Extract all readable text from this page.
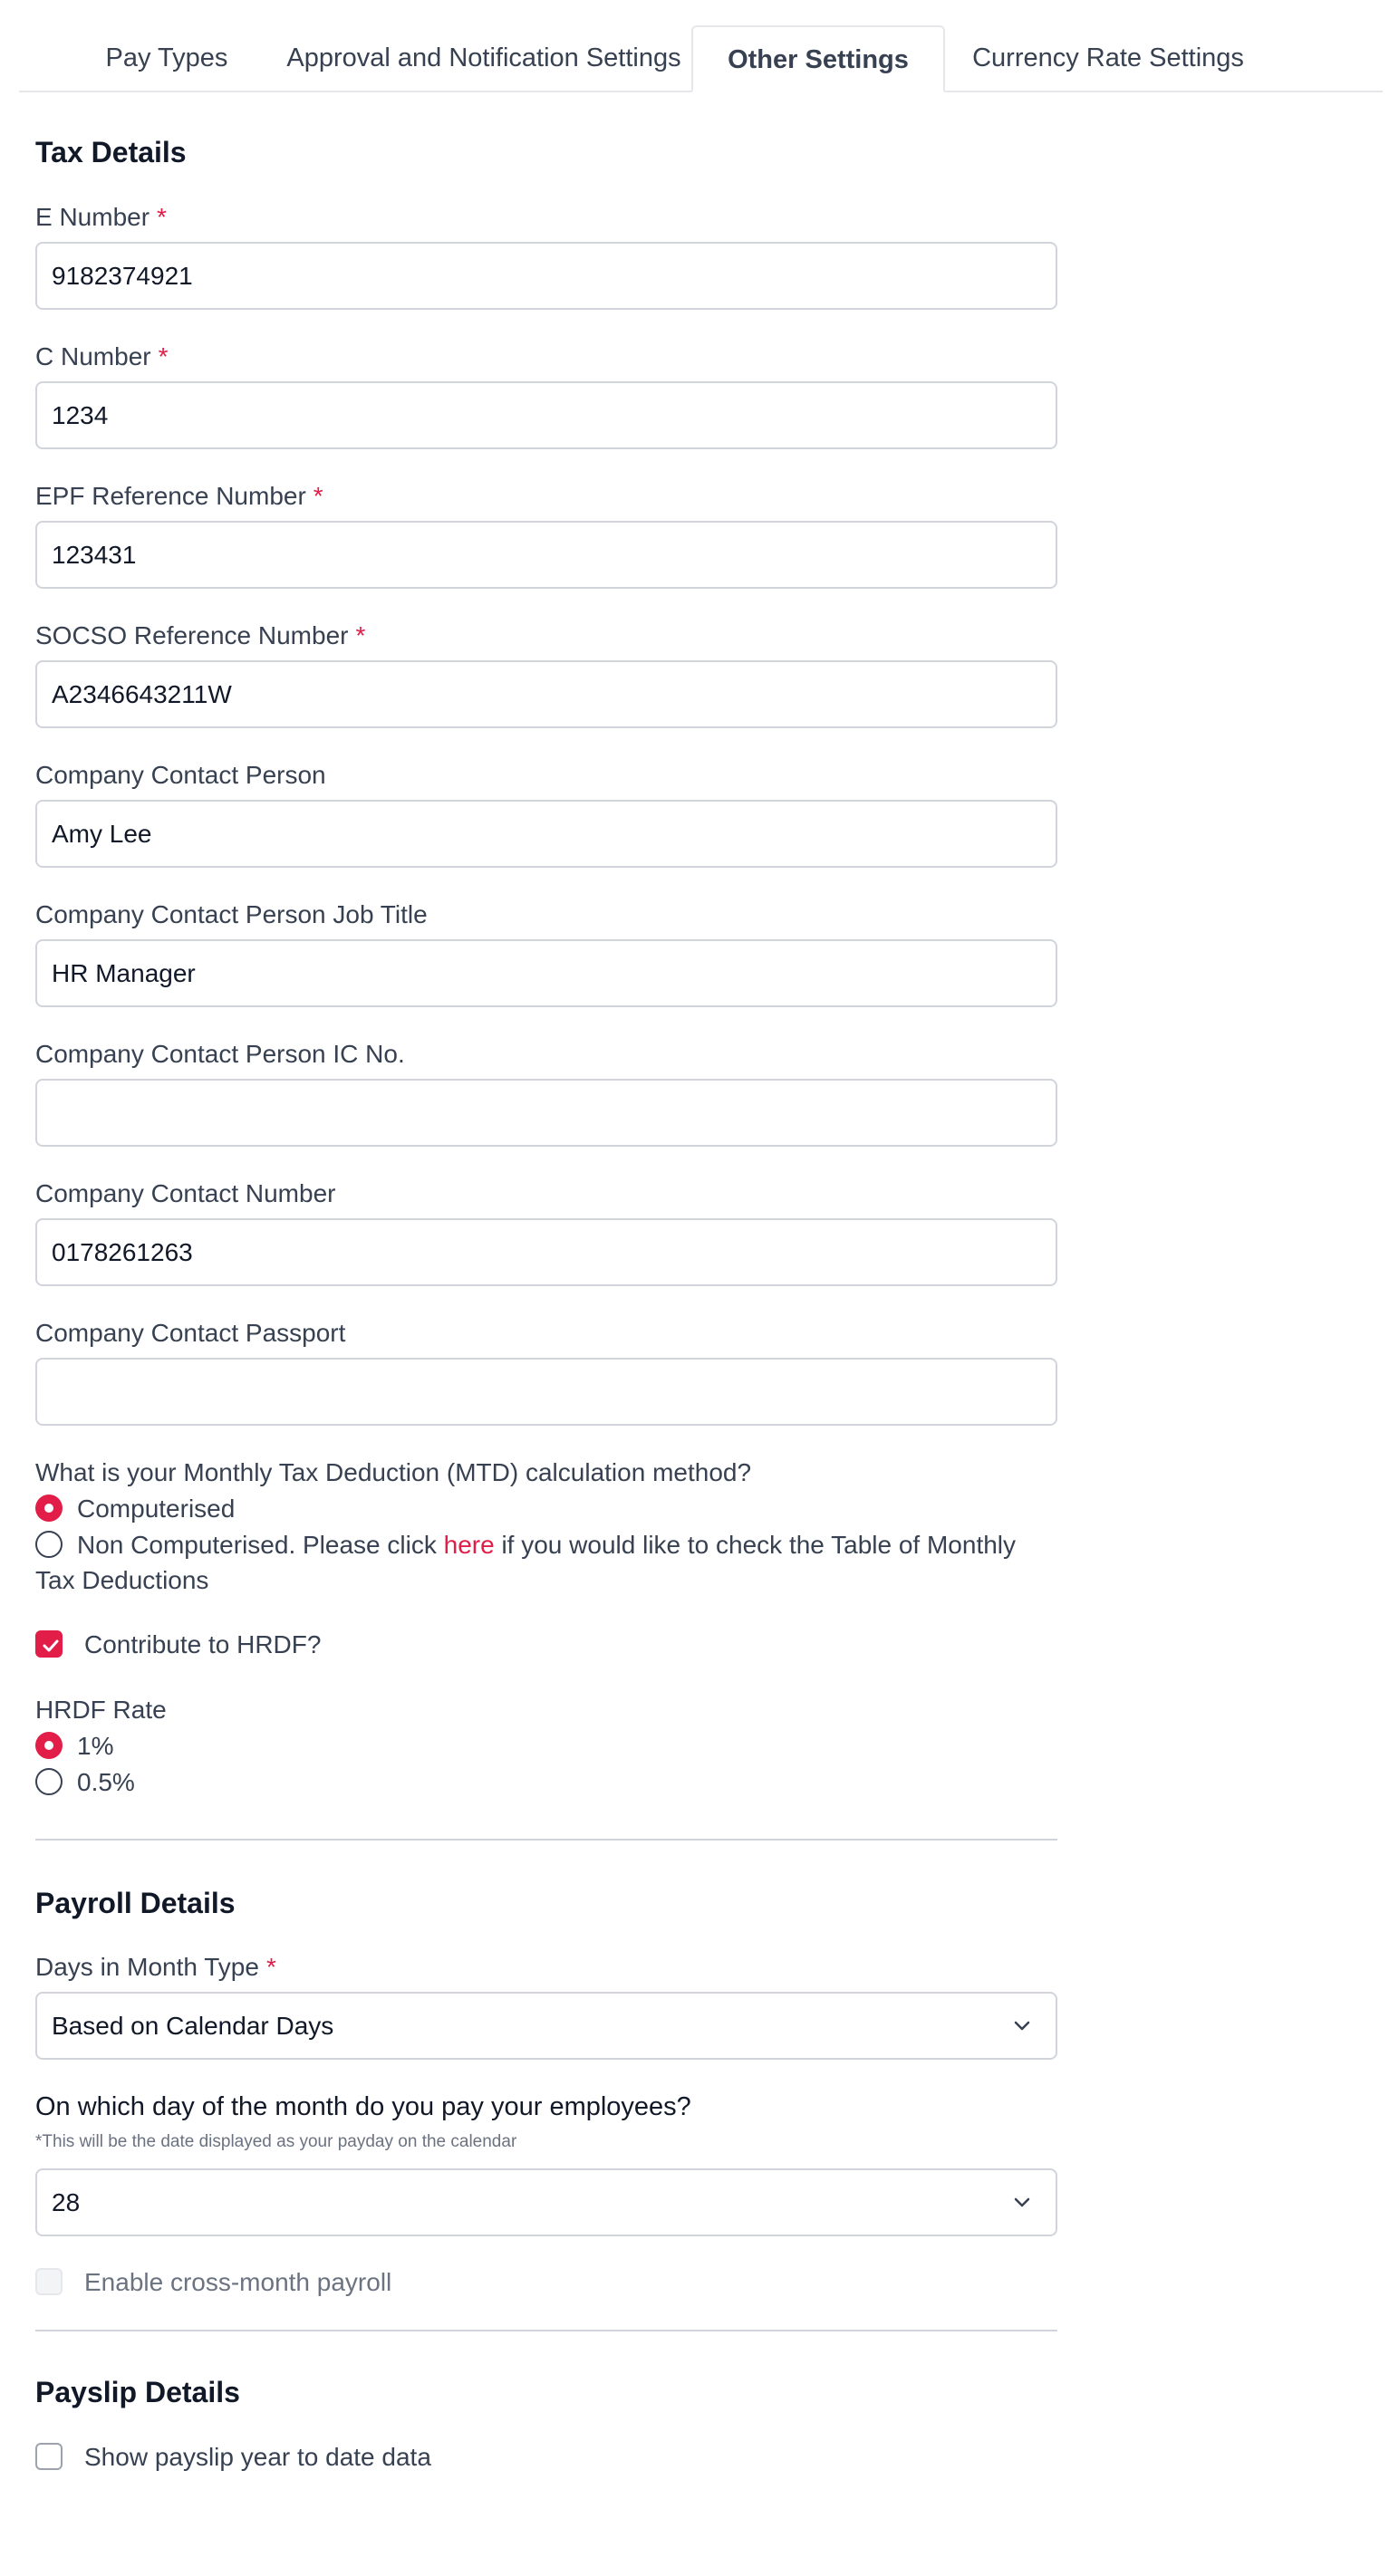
Pay Types	Approval and Notification Settings	Other Settings	Currency Rate Settings
Tax Details
E Number *
9182374921
C Number *
1234
EPF Reference Number *
123431
SOCSO Reference Number *
A2346643211W
Company Contact Person
Amy Lee
Company Contact Person Job Title
HR Manager
Company Contact Person IC No.
Company Contact Number
0178261263
Company Contact Passport
What is your Monthly Tax Deduction (MTD) calculation method?
Computerised
Non Computerised. Please click here if you would like to check the Table of Monthly
Tax Deductions
Contribute to HRDF?
HRDF Rate
1%
0.5%
Payroll Details
Days in Month Type *
Based on Calendar Days
On which day of the month do you pay your employees?
*This will be the date displayed as your payday on the calendar
28
Enable cross-month payroll
Payslip Details
Show payslip year to date data
